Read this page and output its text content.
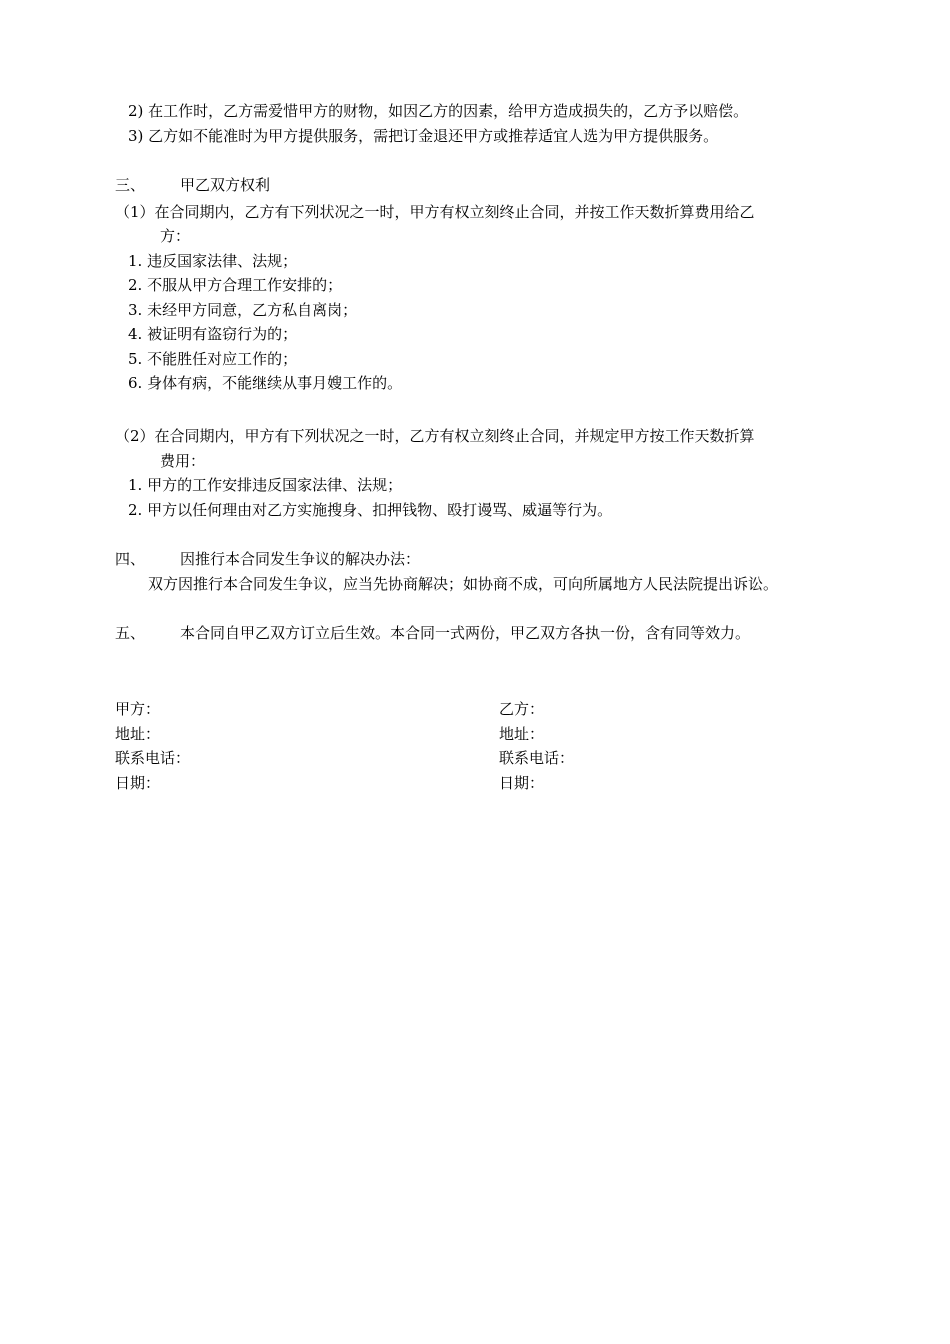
2) 在工作时，乙方需爱惜甲方的财物，如因乙方的因素，给甲方造成损失的，乙方予以赔偿。
3) 乙方如不能准时为甲方提供服务，需把订金退还甲方或推荐适宜人选为甲方提供服务。
三、 甲乙双方权利
（1）在合同期内，乙方有下列状况之一时，甲方有权立刻终止合同，并按工作天数折算费用给乙
方：
1. 违反国家法律、法规；
2. 不服从甲方合理工作安排的；
3. 未经甲方同意，乙方私自离岗；
4. 被证明有盗窃行为的；
5. 不能胜任对应工作的；
6. 身体有病，不能继续从事月嫂工作的。
（2）在合同期内，甲方有下列状况之一时，乙方有权立刻终止合同，并规定甲方按工作天数折算
费用：
1. 甲方的工作安排违反国家法律、法规；
2. 甲方以任何理由对乙方实施搜身、扣押钱物、殴打谩骂、威逼等行为。
四、 因推行本合同发生争议的解决办法：
双方因推行本合同发生争议，应当先协商解决；如协商不成，可向所属地方人民法院提出诉讼。
五、 本合同自甲乙双方订立后生效。本合同一式两份，甲乙双方各执一份，含有同等效力。
甲方：
地址：
联系电话：
日期：
乙方：
地址：
联系电话：
日期：
